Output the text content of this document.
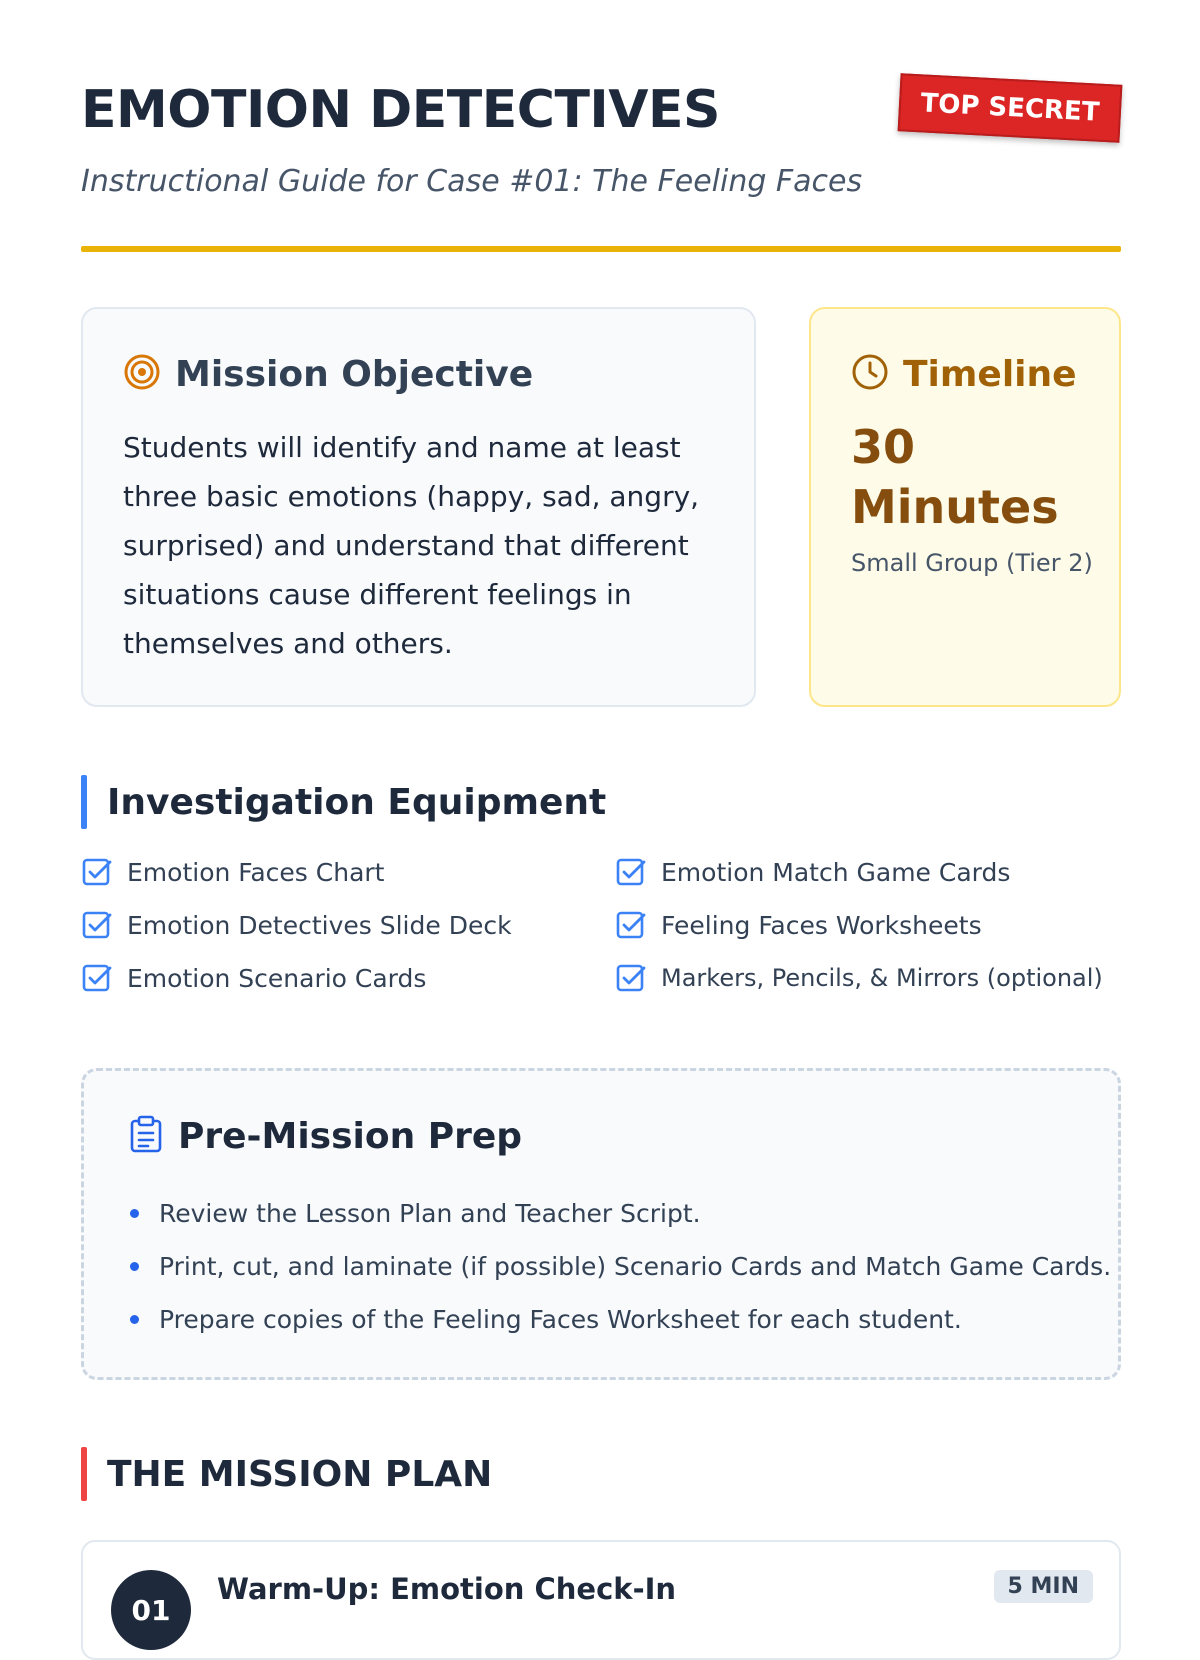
EMOTION DETECTIVES	TOP SECRET
Instructional Guide for Case #01: The Feeling Faces
Mission Objective

Students will identify and name at least three basic emotions (happy, sad, angry, surprised) and understand that different situations cause different feelings in themselves and others.

Timeline
30 Minutes
Small Group (Tier 2)
Investigation Equipment
Emotion Faces Chart	Emotion Match Game Cards
Emotion Detectives Slide Deck	Feeling Faces Worksheets
Emotion Scenario Cards	Markers, Pencils, & Mirrors (optional)
Pre-Mission Prep
Review the Lesson Plan and Teacher Script.
Print, cut, and laminate (if possible) Scenario Cards and Match Game Cards.
Prepare copies of the Feeling Faces Worksheet for each student.
THE MISSION PLAN
01
Warm-Up: Emotion Check-In	5 MIN
